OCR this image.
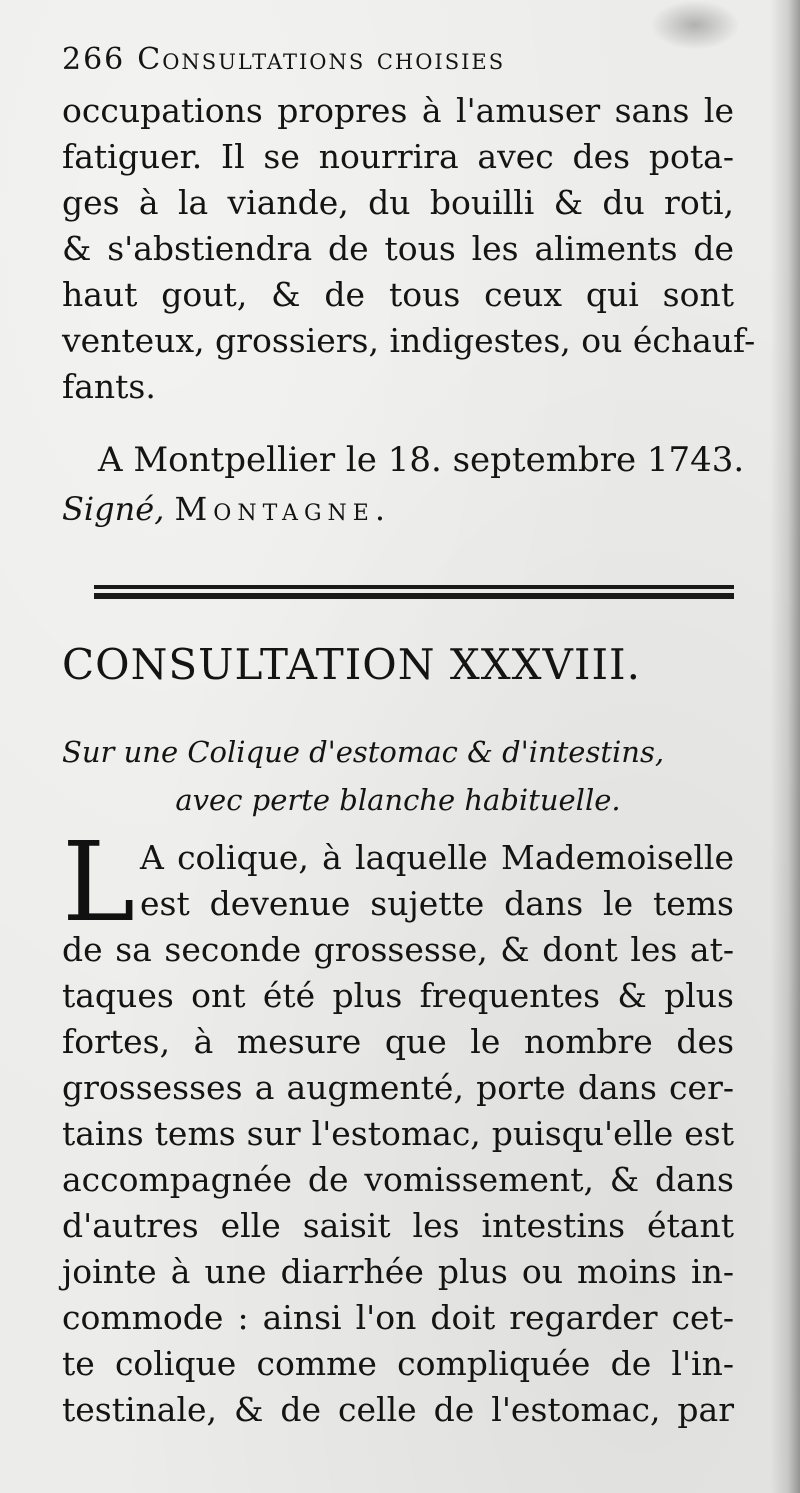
266 Consultations choisies
occupations propres à l'amuser sans le
fatiguer. Il se nourrira avec des pota-
ges à la viande, du bouilli & du roti,
& s'abstiendra de tous les aliments de
haut gout, & de tous ceux qui sont
venteux, grossiers, indigestes, ou échauf-
fants.
A Montpellier le 18. septembre 1743.
Signé, Montagne.
CONSULTATION XXXVIII.
Sur une Colique d'estomac & d'intestins,
avec perte blanche habituelle.
L A colique, à laquelle Mademoiselle
est devenue sujette dans le tems
de sa seconde grossesse, & dont les at-
taques ont été plus frequentes & plus
fortes, à mesure que le nombre des
grossesses a augmenté, porte dans cer-
tains tems sur l'estomac, puisqu'elle est
accompagnée de vomissement, & dans
d'autres elle saisit les intestins étant
jointe à une diarrhée plus ou moins in-
commode : ainsi l'on doit regarder cet-
te colique comme compliquée de l'in-
testinale, & de celle de l'estomac, par
